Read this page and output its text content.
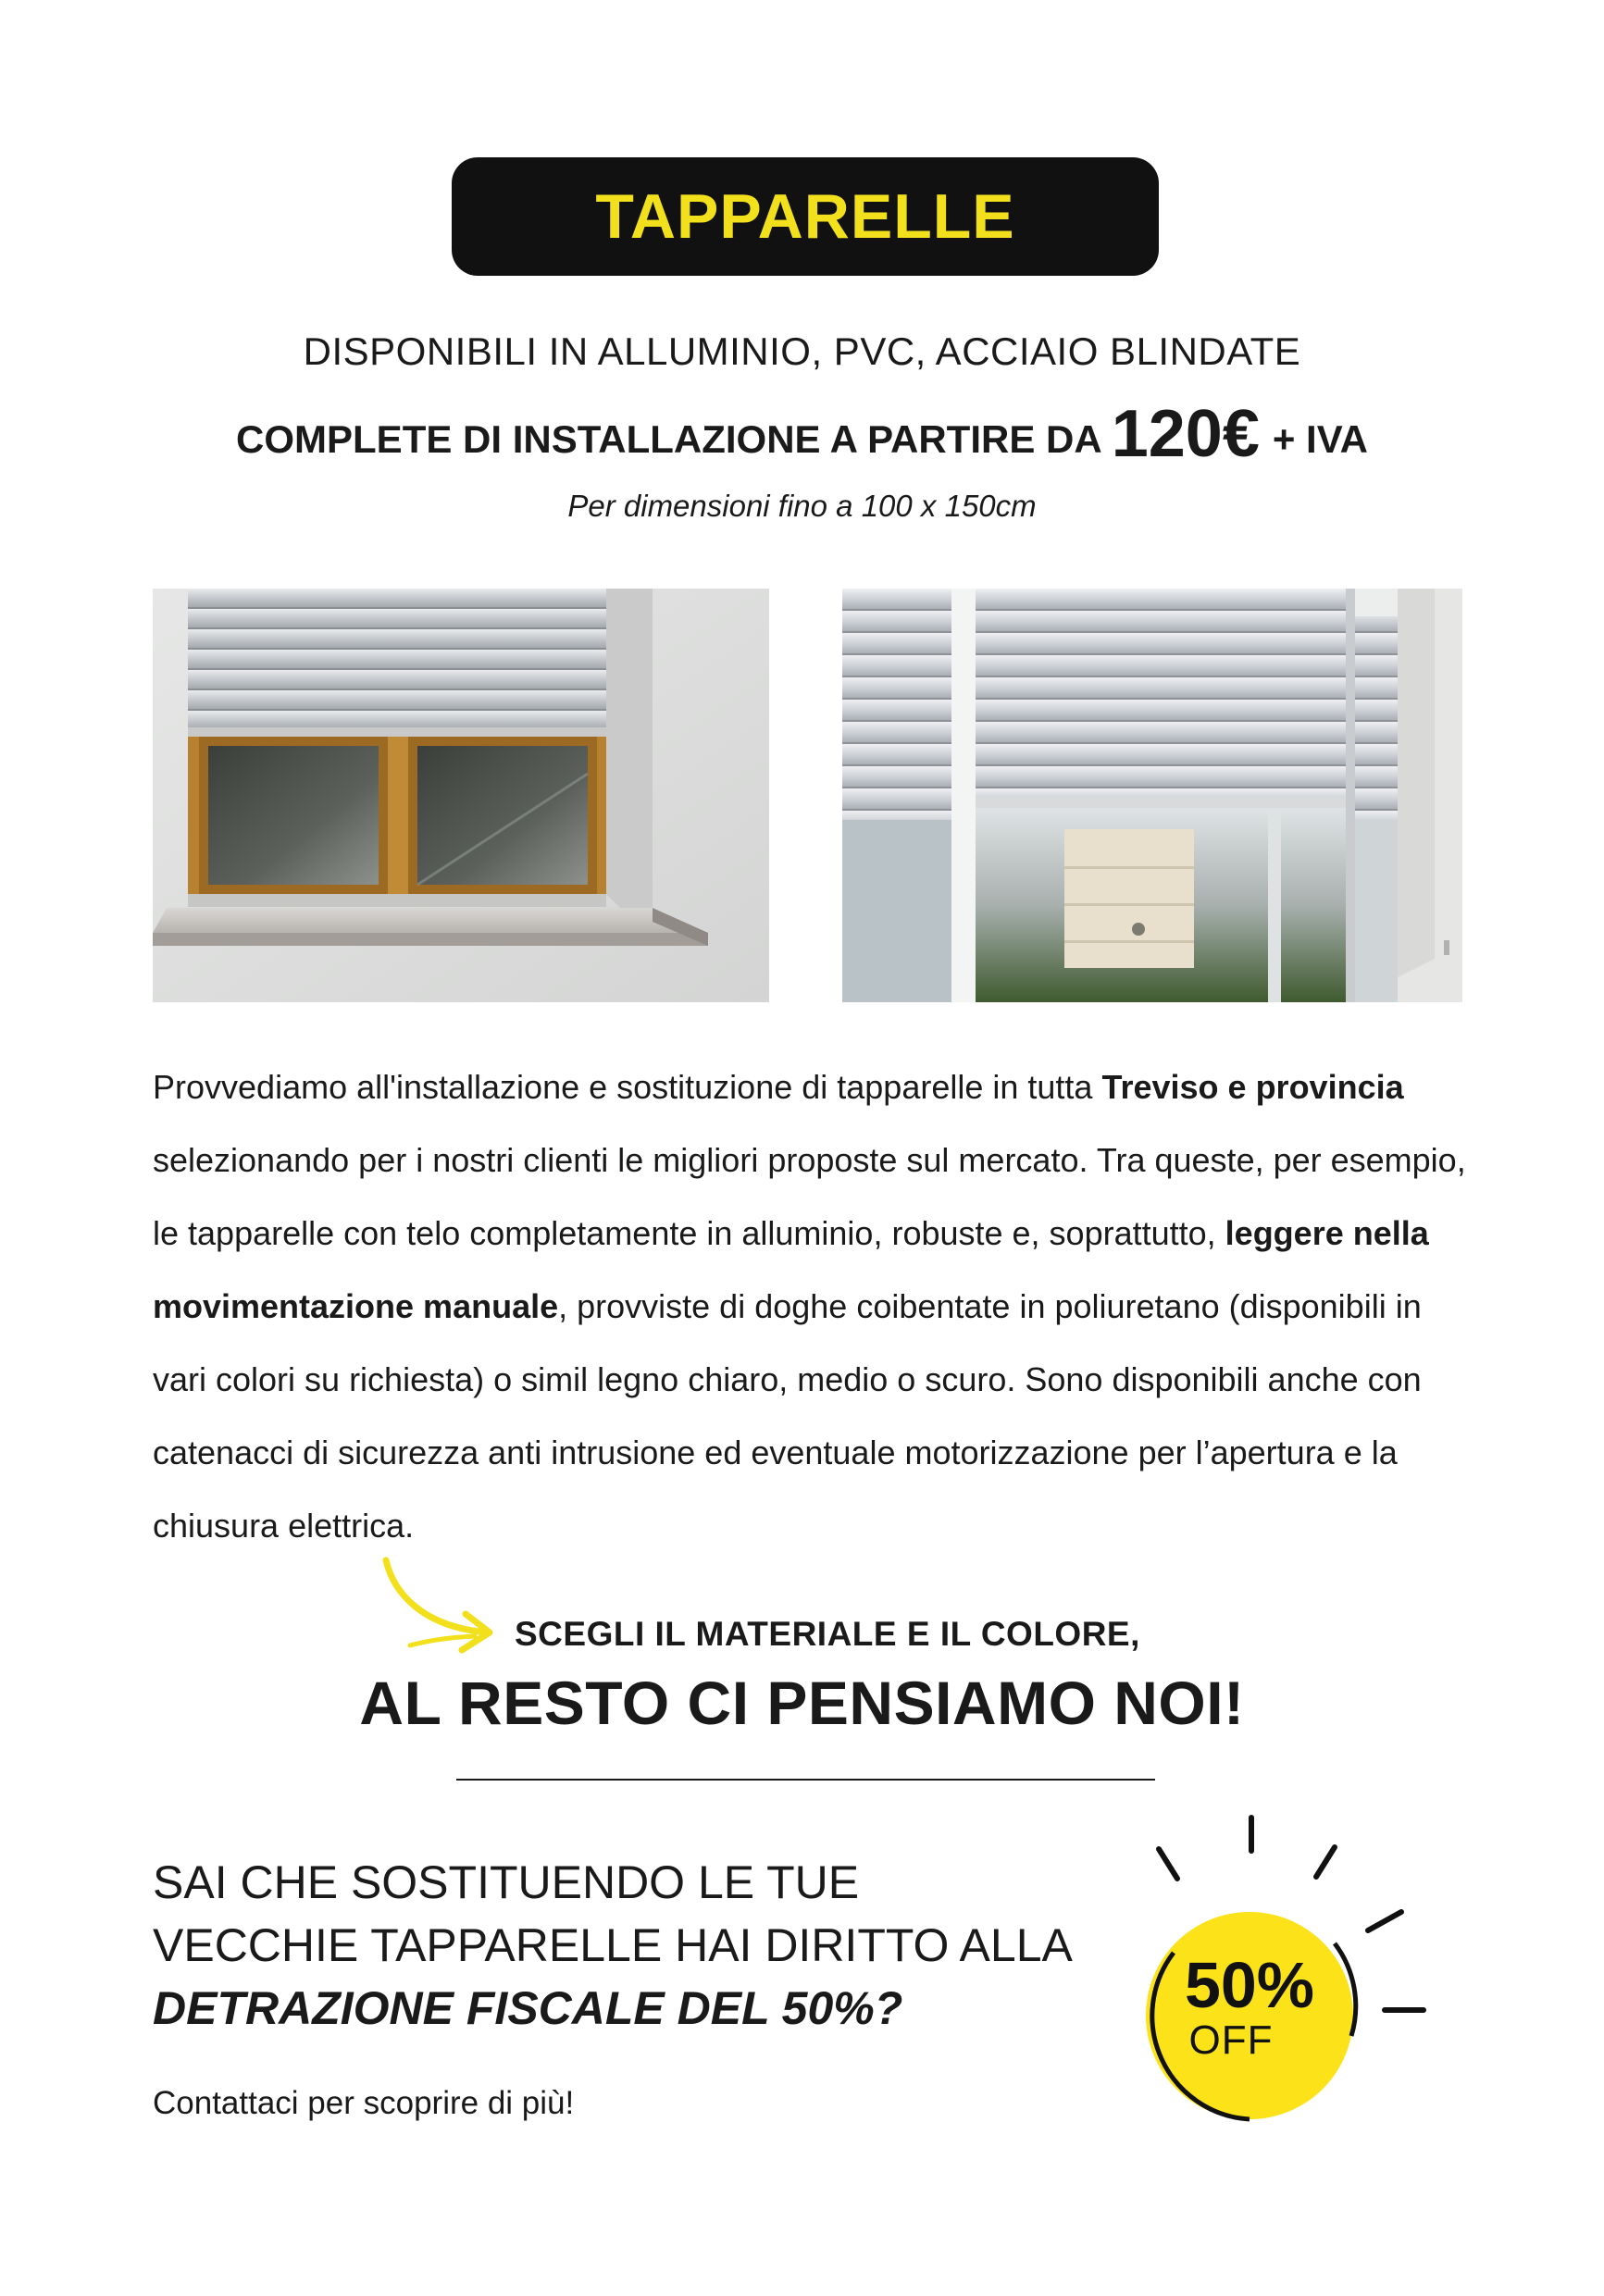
TAPPARELLE
DISPONIBILI IN ALLUMINIO, PVC, ACCIAIO BLINDATE
COMPLETE DI INSTALLAZIONE A PARTIRE DA 120€ + IVA
Per dimensioni fino a 100 x 150cm
Provvediamo all'installazione e sostituzione di tapparelle in tutta Treviso e provincia selezionando per i nostri clienti le migliori proposte sul mercato. Tra queste, per esempio, le tapparelle con telo completamente in alluminio, robuste e, soprattutto, leggere nella movimentazione manuale, provviste di doghe coibentate in poliuretano (disponibili in vari colori su richiesta) o simil legno chiaro, medio o scuro. Sono disponibili anche con catenacci di sicurezza anti intrusione ed eventuale motorizzazione per l’apertura e la chiusura elettrica.
SCEGLI IL MATERIALE E IL COLORE,
AL RESTO CI PENSIAMO NOI!
SAI CHE SOSTITUENDO LE TUE
VECCHIE TAPPARELLE HAI DIRITTO ALLA
DETRAZIONE FISCALE DEL 50%?
Contattaci per scoprire di più!
50%
OFF
